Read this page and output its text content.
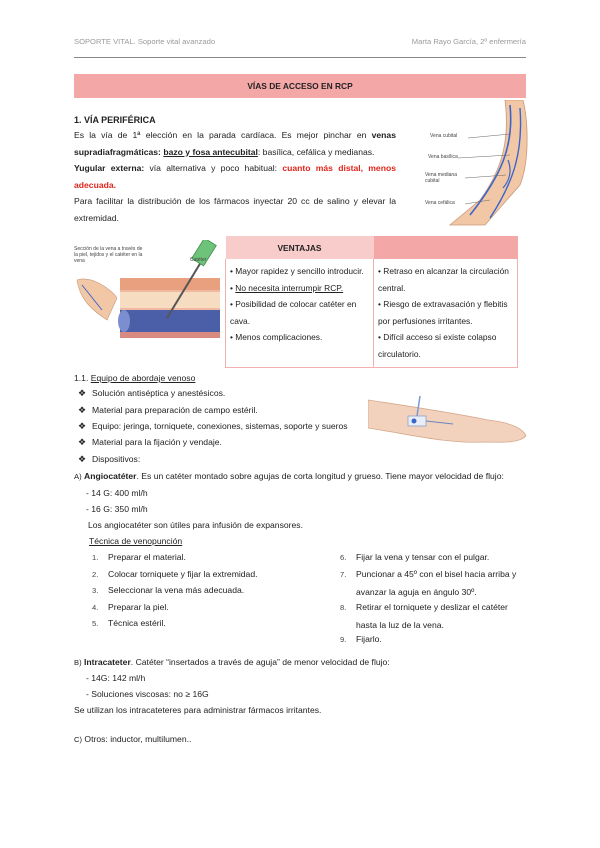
SOPORTE VITAL. Soporte vital avanzado	Marta Rayo García, 2º enfermería
VÍAS DE ACCESO EN RCP
1. VÍA PERIFÉRICA
Es la vía de 1ª elección en la parada cardíaca. Es mejor pinchar en venas supradiafragmáticas: bazo y fosa antecubital: basílica, cefálica y medianas.
Yugular externa: vía alternativa y poco habitual: cuanto más distal, menos adecuada.
Para facilitar la distribución de los fármacos inyectar 20 cc de salino y elevar la extremidad.
Vena cubital
Vena basílica
Vena mediana cubital
Vena cefálica
Sección de la vena a través de la piel, tejidos y el catéter en la vena	Catéter
VENTAJAS	
• Mayor rapidez y sencillo introducir.
• No necesita interrumpir RCP.
• Posibilidad de colocar catéter en cava.
• Menos complicaciones.	• Retraso en alcanzar la circulación central.
• Riesgo de extravasación y flebitis por perfusiones irritantes.
• Difícil acceso si existe colapso circulatorio.
1.1. Equipo de abordaje venoso
❖ Solución antiséptica y anestésicos.
❖ Material para preparación de campo estéril.
❖ Equipo: jeringa, torniquete, conexiones, sistemas, soporte y sueros
❖ Material para la fijación y vendaje.
❖ Dispositivos:
A) Angiocatéter. Es un catéter montado sobre agujas de corta longitud y grueso. Tiene mayor velocidad de flujo:
- 14 G: 400 ml/h
- 16 G: 350 ml/h
Los angiocatéter son útiles para infusión de expansores.
Técnica de venopunción
1. Preparar el material.
2. Colocar torniquete y fijar la extremidad.
3. Seleccionar la vena más adecuada.
4. Preparar la piel.
5. Técnica estéril.
6. Fijar la vena y tensar con el pulgar.
7. Puncionar a 45º con el bisel hacia arriba y
avanzar la aguja en ángulo 30º.
8. Retirar el torniquete y deslizar el catéter
hasta la luz de la vena.
9. Fijarlo.
B) Intracateter. Catéter “insertados a través de aguja” de menor velocidad de flujo:
- 14G: 142 ml/h
- Soluciones viscosas: no ≥ 16G
Se utilizan los intracateteres para administrar fármacos irritantes.
C) Otros: inductor, multilumen..
